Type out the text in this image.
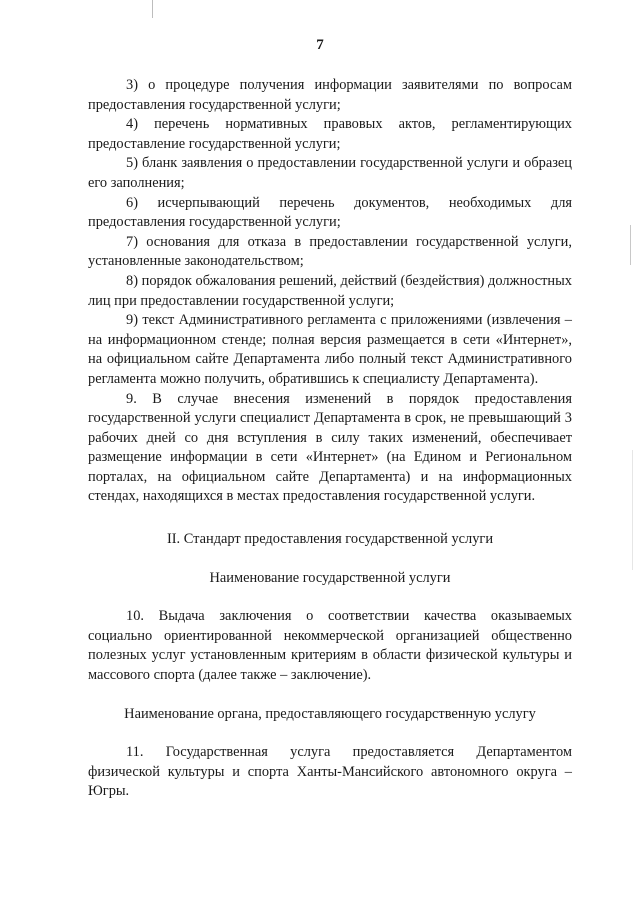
7

3) о процедуре получения информации заявителями по вопросам предоставления государственной услуги;

4) перечень нормативных правовых актов, регламентирующих предоставление государственной услуги;

5) бланк заявления о предоставлении государственной услуги и образец его заполнения;

6) исчерпывающий перечень документов, необходимых для предоставления государственной услуги;

7) основания для отказа в предоставлении государственной услуги, установленные законодательством;

8) порядок обжалования решений, действий (бездействия) должностных лиц при предоставлении государственной услуги;

9) текст Административного регламента с приложениями (извлечения – на информационном стенде; полная версия размещается в сети «Интернет», на официальном сайте Департамента либо полный текст Административного регламента можно получить, обратившись к специалисту Департамента).

9. В случае внесения изменений в порядок предоставления государственной услуги специалист Департамента в срок, не превышающий 3 рабочих дней со дня вступления в силу таких изменений, обеспечивает размещение информации в сети «Интернет» (на Едином и Региональном порталах, на официальном сайте Департамента) и на информационных стендах, находящихся в местах предоставления государственной услуги.

II. Стандарт предоставления государственной услуги

Наименование государственной услуги

10. Выдача заключения о соответствии качества оказываемых социально ориентированной некоммерческой организацией общественно полезных услуг установленным критериям в области физической культуры и массового спорта (далее также – заключение).

Наименование органа, предоставляющего государственную услугу

11. Государственная услуга предоставляется Департаментом физической культуры и спорта Ханты-Мансийского автономного округа – Югры.
